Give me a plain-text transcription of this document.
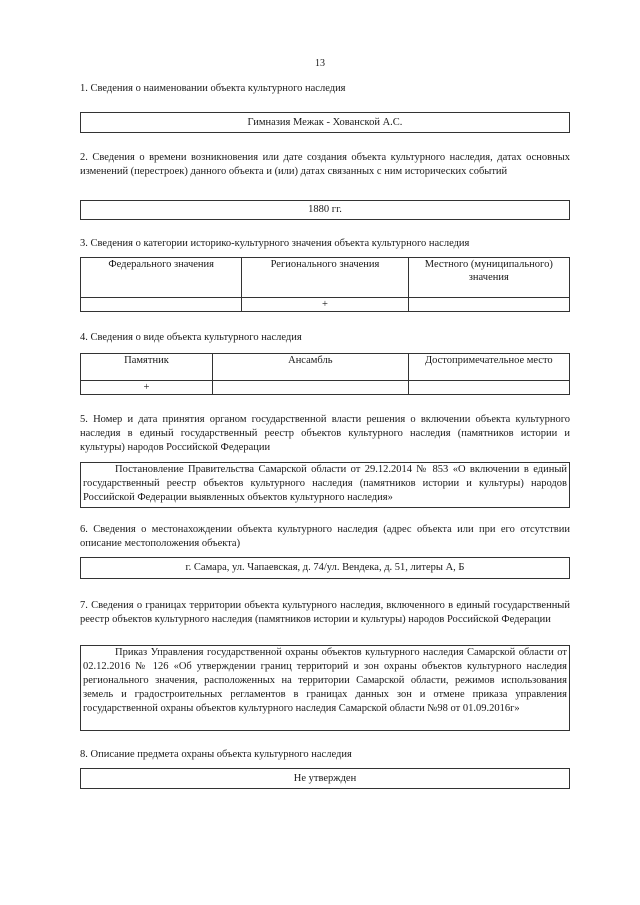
13
1. Сведения о наименовании объекта культурного наследия
Гимназия Межак - Хованской А.С.
2. Сведения о времени возникновения или дате создания объекта культурного наследия, датах основных изменений (перестроек) данного объекта и (или) датах связанных с ним исторических событий
1880 гг.
3. Сведения о категории историко-культурного значения объекта культурного наследия
Федерального значения	Регионального значения	Местного (муниципального) значения
	+	
4. Сведения о виде объекта культурного наследия
Памятник	Ансамбль	Достопримечательное место
+		
5. Номер и дата принятия органом государственной власти решения о включении объекта культурного наследия в единый государственный реестр объектов культурного наследия (памятников истории и культуры) народов Российской Федерации
Постановление Правительства Самарской области от 29.12.2014 № 853 «О включении в единый государственный реестр объектов культурного наследия (памятников истории и культуры) народов Российской Федерации выявленных объектов культурного наследия»
6. Сведения о местонахождении объекта культурного наследия (адрес объекта или при его отсутствии описание местоположения объекта)
г. Самара, ул. Чапаевская, д. 74/ул. Вендека, д. 51, литеры А, Б
7. Сведения о границах территории объекта культурного наследия, включенного в единый государственный реестр объектов культурного наследия (памятников истории и культуры) народов Российской Федерации
Приказ Управления государственной охраны объектов культурного наследия Самарской области от 02.12.2016 № 126 «Об утверждении границ территорий и зон охраны объектов культурного наследия регионального значения, расположенных на территории Самарской области, режимов использования земель и градостроительных регламентов в границах данных зон и отмене приказа управления государственной охраны объектов культурного наследия Самарской области №98 от 01.09.2016г»
8. Описание предмета охраны объекта культурного наследия
Не утвержден
